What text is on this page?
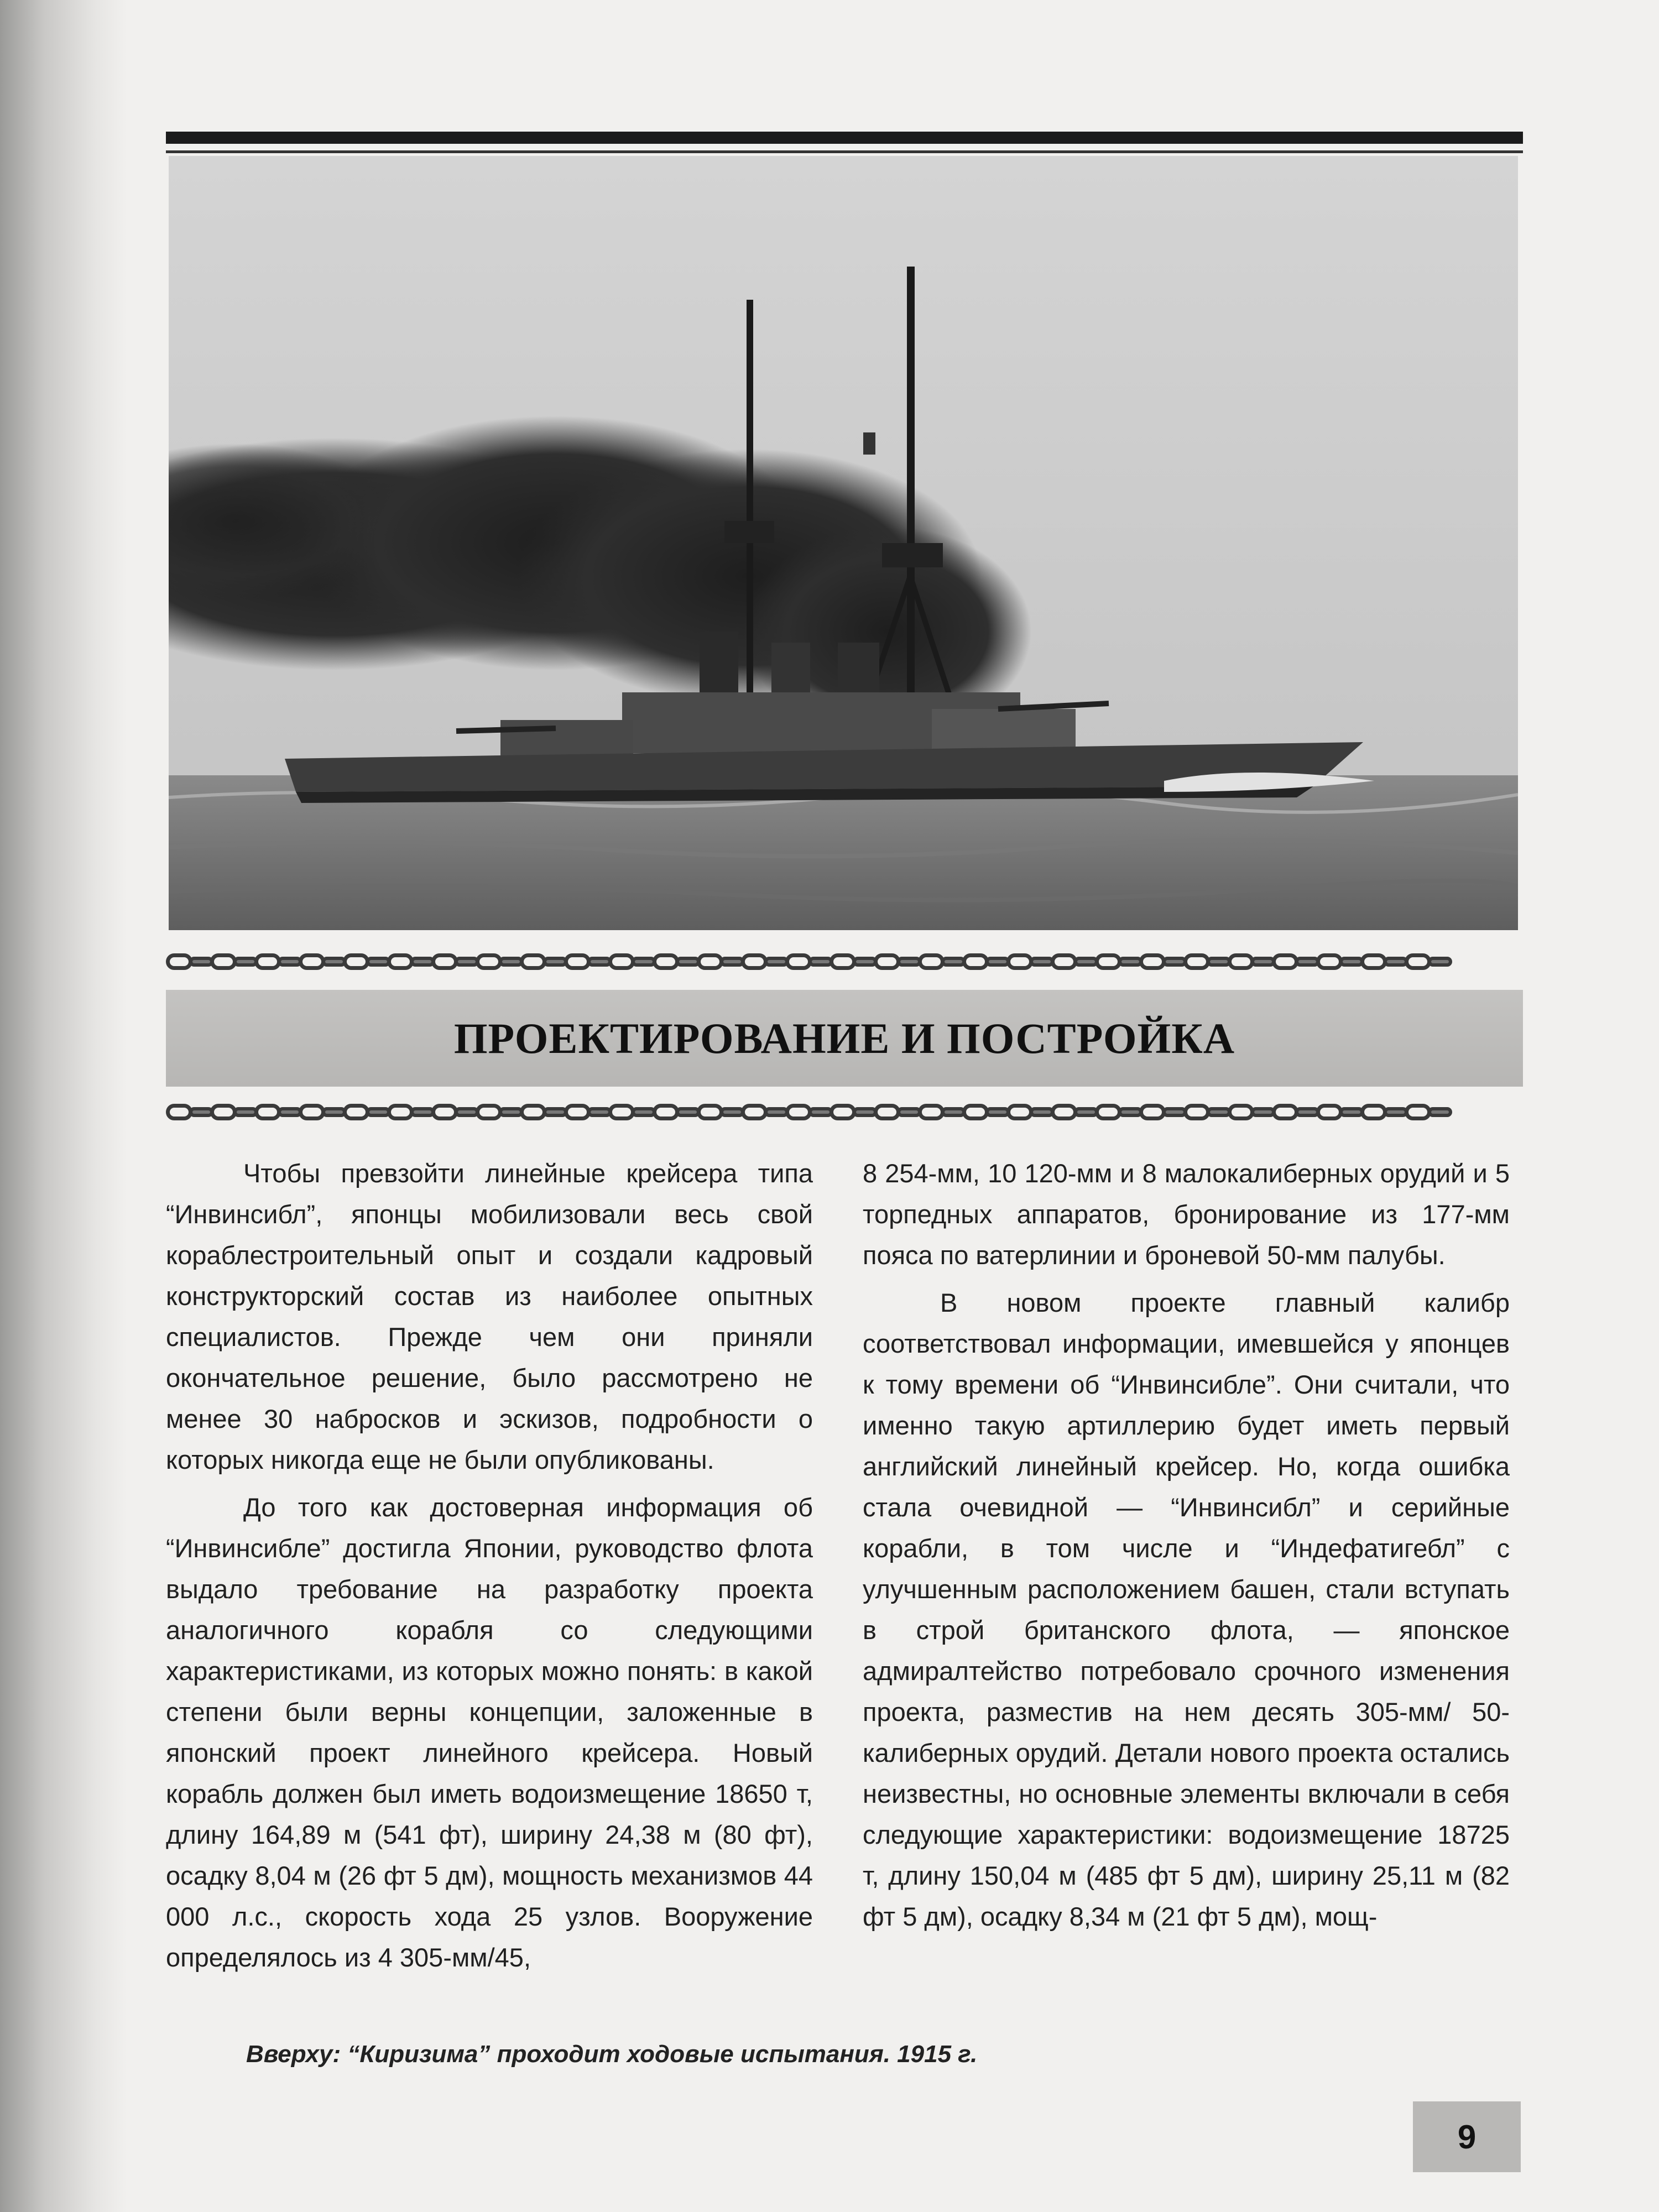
ПРОЕКТИРОВАНИЕ И ПОСТРОЙКА

Чтобы превзойти линейные крейсера типа “Инвинсибл”, японцы мобилизовали весь свой кораблестроительный опыт и создали кадровый конструкторский состав из наиболее опытных специалистов. Прежде чем они приняли окончательное решение, было рассмотрено не менее 30 набросков и эскизов, подробности о которых никогда еще не были опубликованы.

До того как достоверная информация об “Инвинсибле” достигла Японии, руководство флота выдало требование на разработку проекта аналогичного корабля со следующими характеристиками, из которых можно понять: в какой степени были верны концепции, заложенные в японский проект линейного крейсера. Новый корабль должен был иметь водоизмещение 18650 т, длину 164,89 м (541 фт), ширину 24,38 м (80 фт), осадку 8,04 м (26 фт 5 дм), мощность механизмов 44 000 л.с., скорость хода 25 узлов. Вооружение определялось из 4 305-мм/45,

8 254-мм, 10 120-мм и 8 малокалиберных орудий и 5 торпедных аппаратов, бронирование из 177-мм пояса по ватерлинии и броневой 50-мм палубы.

В новом проекте главный калибр соответствовал информации, имевшейся у японцев к тому времени об “Инвинсибле”. Они считали, что именно такую артиллерию будет иметь первый английский линейный крейсер. Но, когда ошибка стала очевидной — “Инвинсибл” и серийные корабли, в том числе и “Индефатигебл” с улучшенным расположением башен, стали вступать в строй британского флота, — японское адмиралтейство потребовало срочного изменения проекта, разместив на нем десять 305-мм/ 50-калиберных орудий. Детали нового проекта остались неизвестны, но основные элементы включали в себя следующие характеристики: водоизмещение 18725 т, длину 150,04 м (485 фт 5 дм), ширину 25,11 м (82 фт 5 дм), осадку 8,34 м (21 фт 5 дм), мощ-

Вверху: “Киризима” проходит ходовые испытания. 1915 г.
9
